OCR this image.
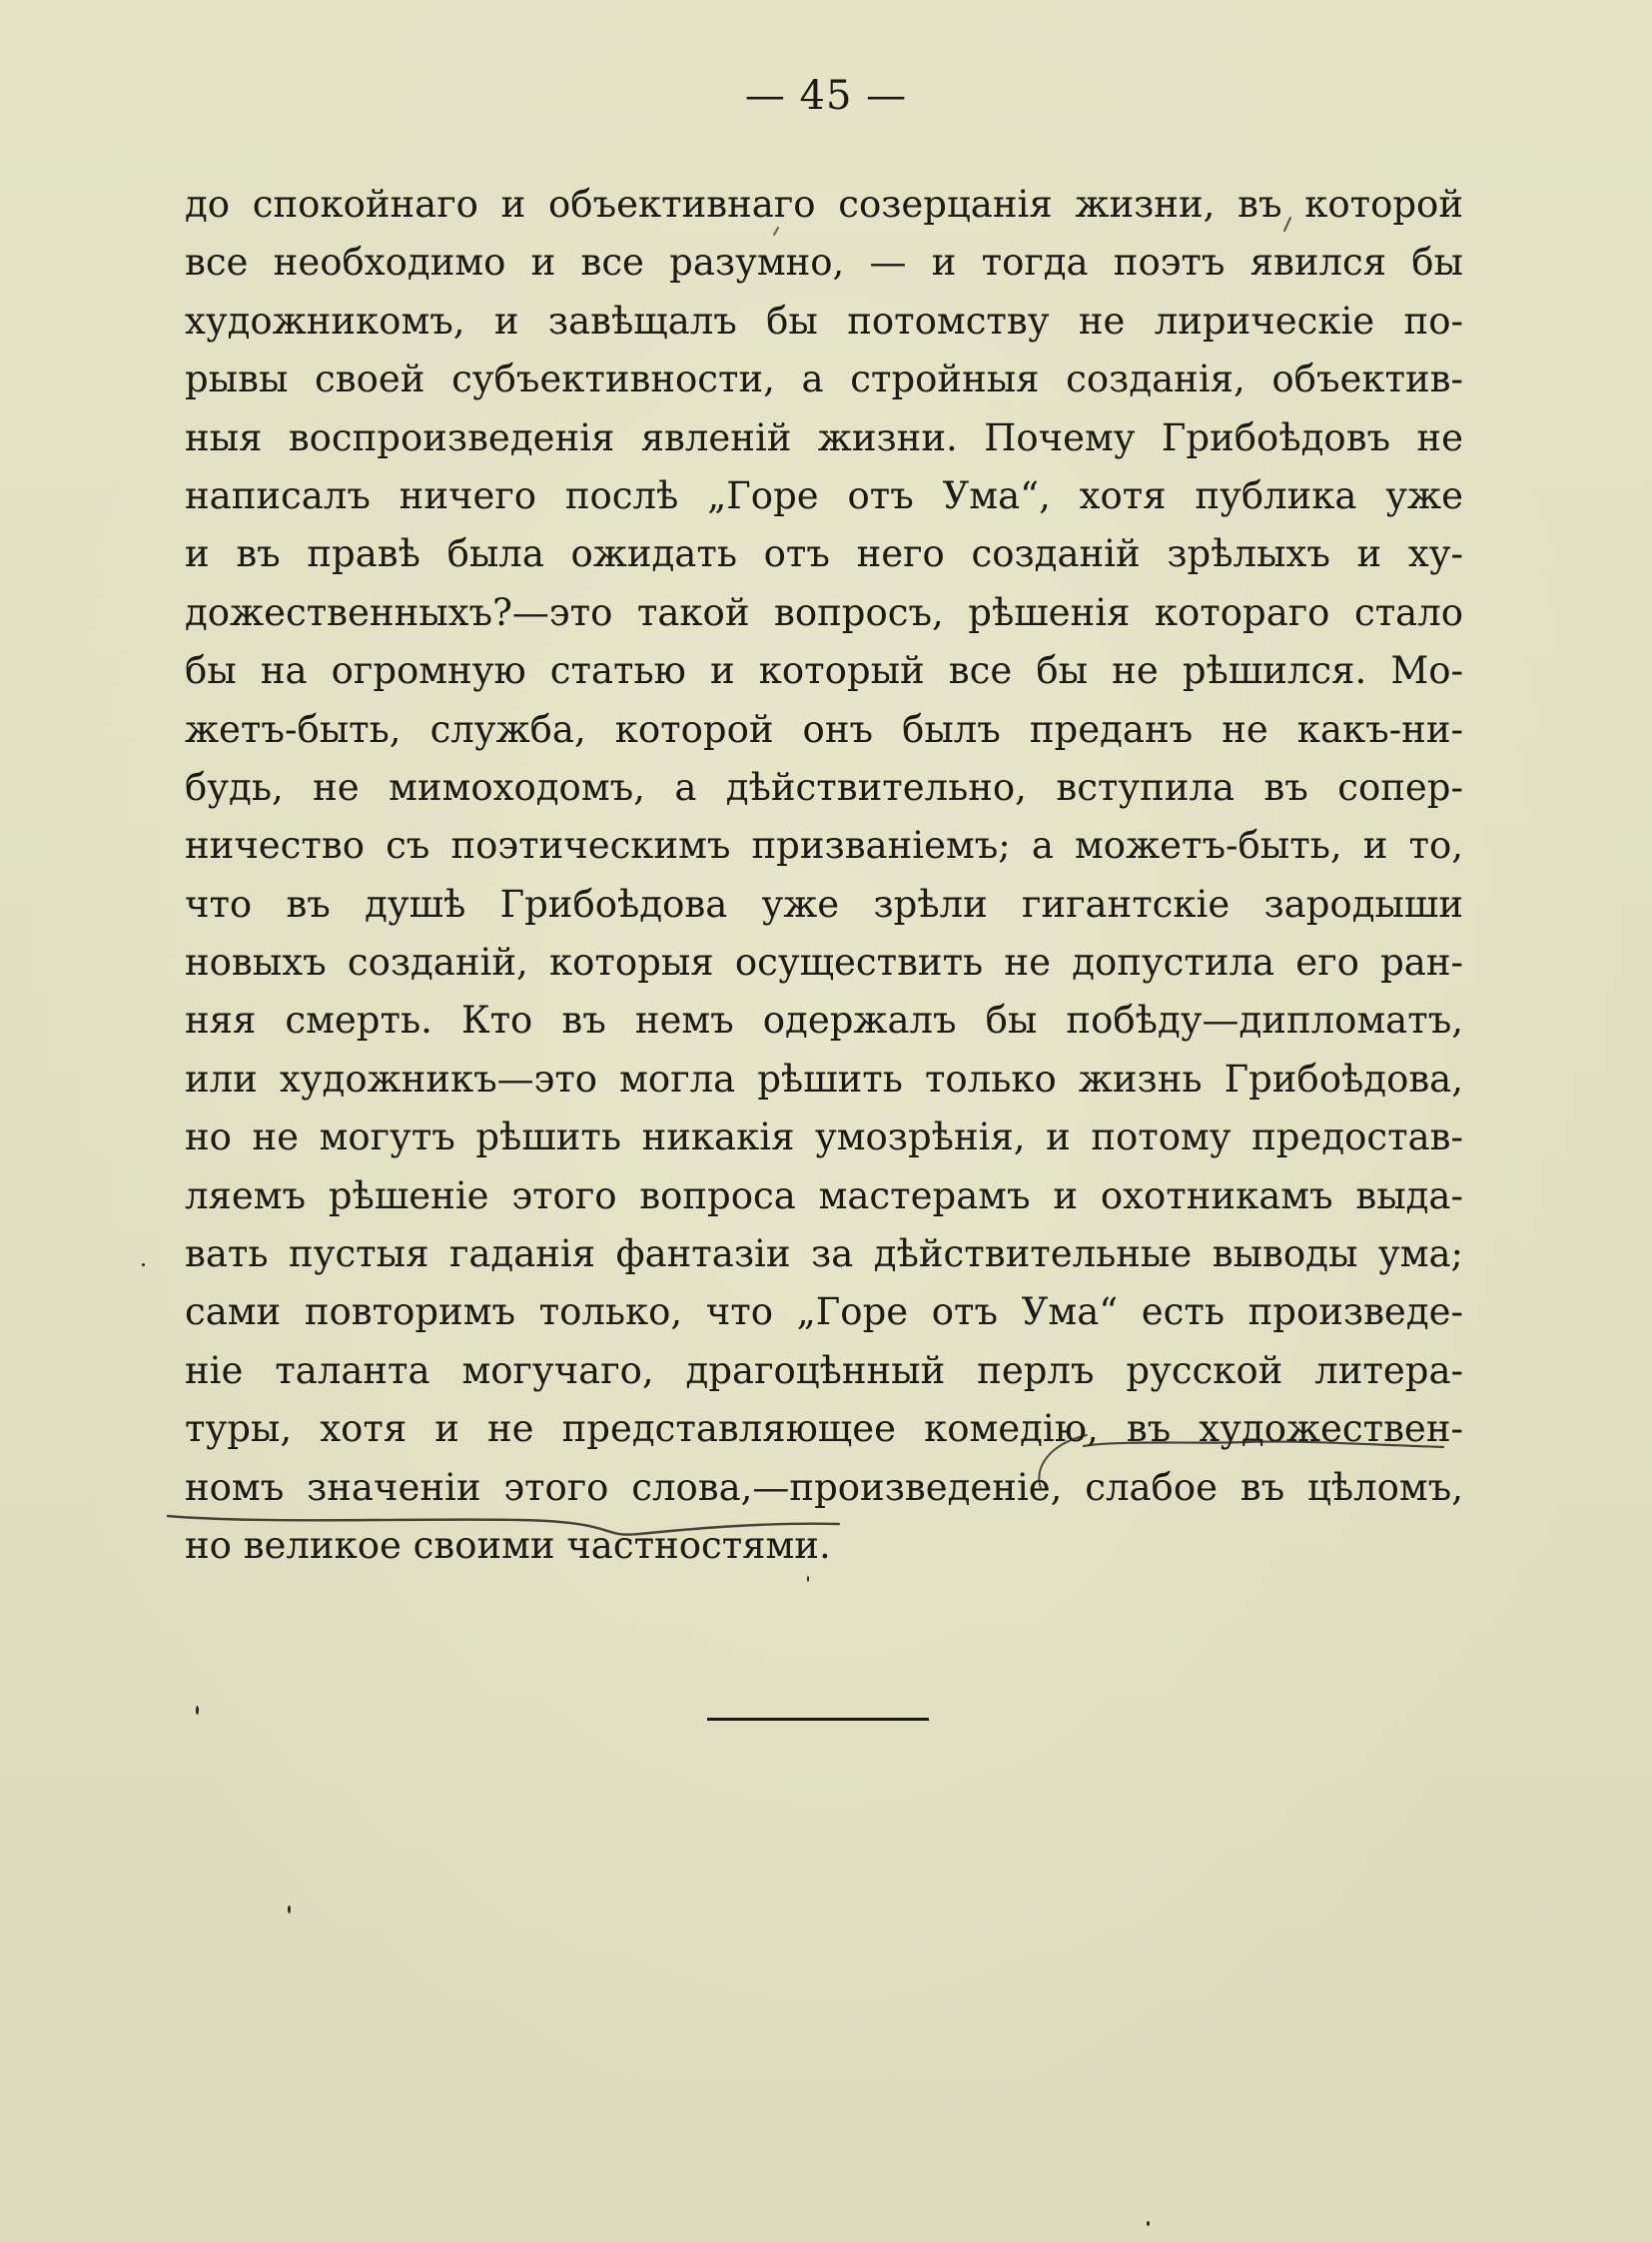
— 45 —
до спокойнаго и объективнаго созерцанія жизни, въ которой
все необходимо и все разумно, — и тогда поэтъ явился бы
художникомъ, и завѣщалъ бы потомству не лирическіе по-
рывы своей субъективности, а стройныя созданія, объектив-
ныя воспроизведенія явленій жизни. Почему Грибоѣдовъ не
написалъ ничего послѣ „Горе отъ Ума“, хотя публика уже
и въ правѣ была ожидать отъ него созданій зрѣлыхъ и ху-
дожественныхъ?—это такой вопросъ, рѣшенія котораго стало
бы на огромную статью и который все бы не рѣшился. Мо-
жетъ-быть, служба, которой онъ былъ преданъ не какъ-ни-
будь, не мимоходомъ, а дѣйствительно, вступила въ сопер-
ничество съ поэтическимъ призваніемъ; а можетъ-быть, и то,
что въ душѣ Грибоѣдова уже зрѣли гигантскіе зародыши
новыхъ созданій, которыя осуществить не допустила его ран-
няя смерть. Кто въ немъ одержалъ бы побѣду—дипломатъ,
или художникъ—это могла рѣшить только жизнь Грибоѣдова,
но не могутъ рѣшить никакія умозрѣнія, и потому предостав-
ляемъ рѣшеніе этого вопроса мастерамъ и охотникамъ выда-
вать пустыя гаданія фантазіи за дѣйствительные выводы ума;
сами повторимъ только, что „Горе отъ Ума“ есть произведе-
ніе таланта могучаго, драгоцѣнный перлъ русской литера-
туры, хотя и не представляющее комедію, въ художествен-
номъ значеніи этого слова,—произведеніе, слабое въ цѣломъ,
но великое своими частностями.
